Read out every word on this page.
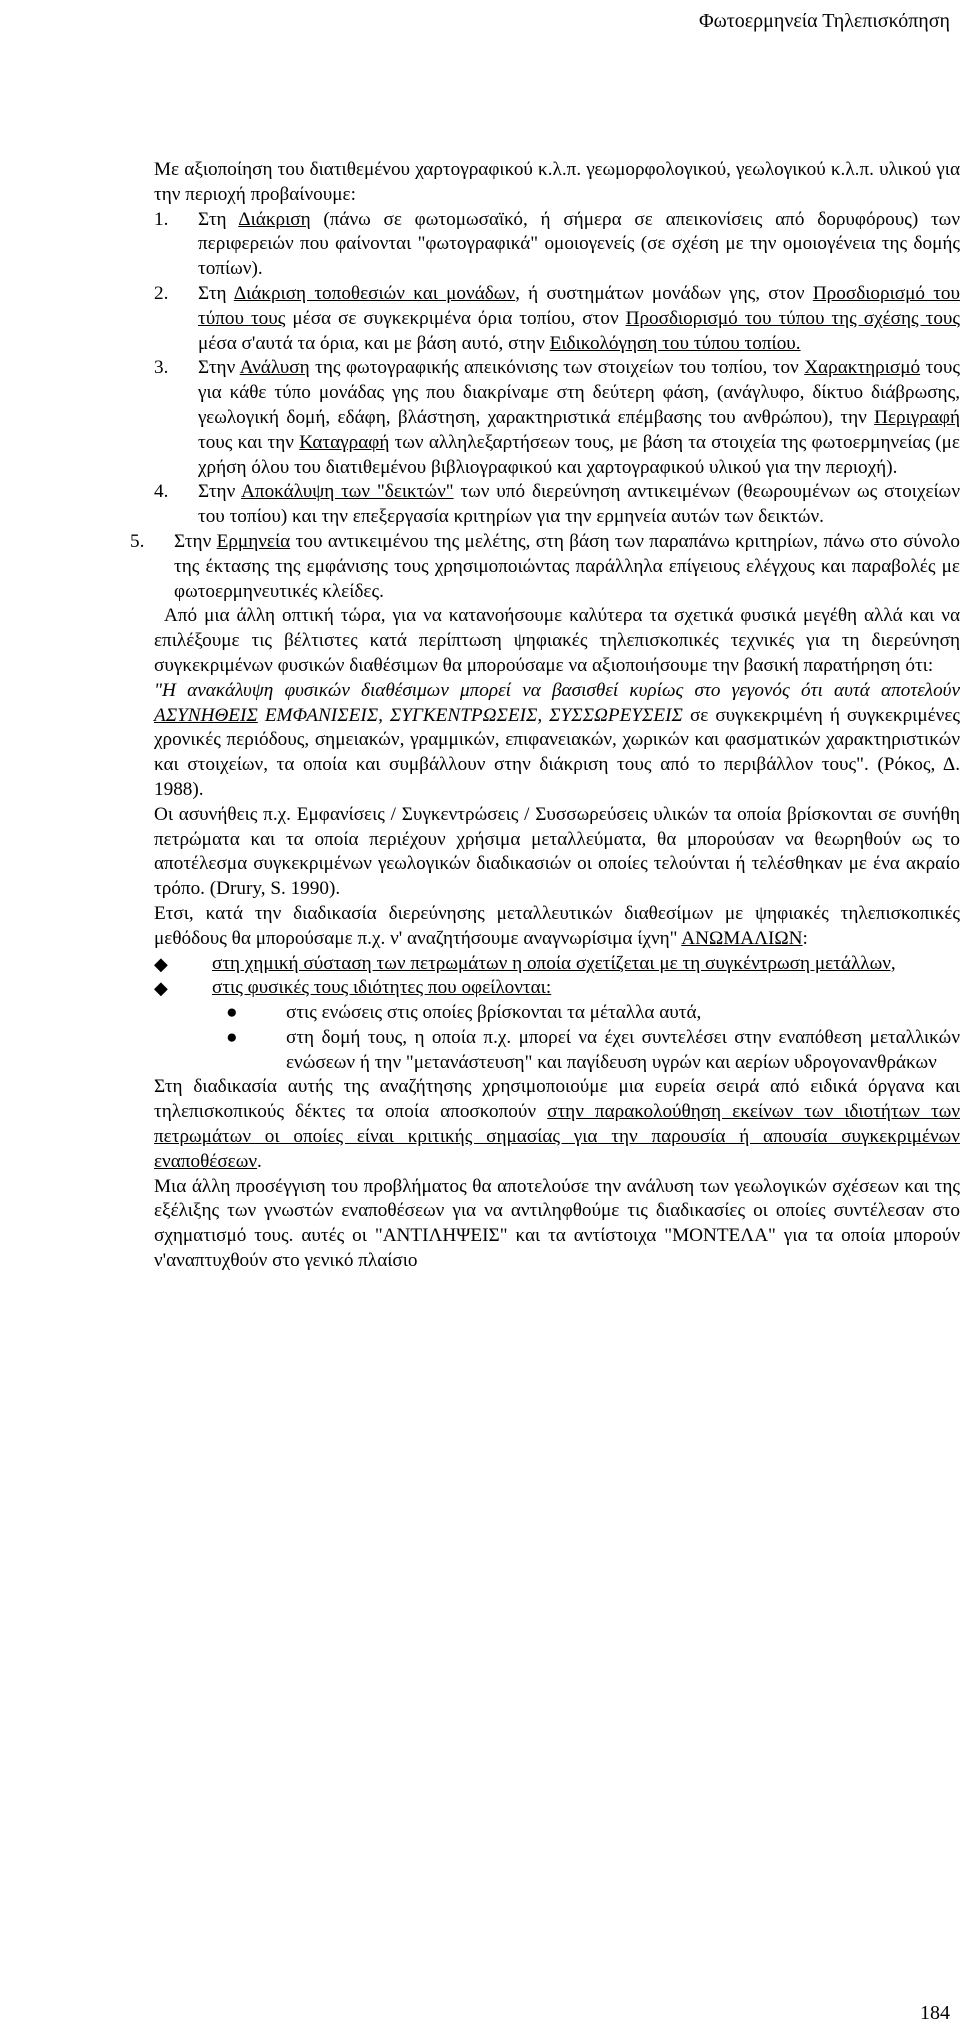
Φωτοερμηνεία Τηλεπισκόπηση

Με αξιοποίηση του διατιθεμένου χαρτογραφικού κ.λ.π. γεωμορφολογικού, γεωλογικού κ.λ.π. υλικού για την περιοχή προβαίνουμε:

1.	Στη Διάκριση (πάνω σε φωτομωσαϊκό, ή σήμερα σε απεικονίσεις από δορυφόρους) των περιφερειών που φαίνονται "φωτογραφικά" ομοιογενείς (σε σχέση με την ομοιογένεια της δομής τοπίων).
2.	Στη Διάκριση τοποθεσιών και μονάδων, ή συστημάτων μονάδων γης, στον Προσδιορισμό του τύπου τους μέσα σε συγκεκριμένα όρια τοπίου, στον Προσδιορισμό του τύπου της σχέσης τους μέσα σ'αυτά τα όρια, και με βάση αυτό, στην Ειδικολόγηση του τύπου τοπίου.
3.	Στην Ανάλυση της φωτογραφικής απεικόνισης των στοιχείων του τοπίου, τον Χαρακτηρισμό τους για κάθε τύπο μονάδας γης που διακρίναμε στη δεύτερη φάση, (ανάγλυφο, δίκτυο διάβρωσης, γεωλογική δομή, εδάφη, βλάστηση, χαρακτηριστικά επέμβασης του ανθρώπου), την Περιγραφή τους και την Καταγραφή των αλληλεξαρτήσεων τους, με βάση τα στοιχεία της φωτοερμηνείας (με χρήση όλου του διατιθεμένου βιβλιογραφικού και χαρτογραφικού υλικού για την περιοχή).
4.	Στην Αποκάλυψη των "δεικτών" των υπό διερεύνηση αντικειμένων (θεωρουμένων ως στοιχείων του τοπίου) και την επεξεργασία κριτηρίων για την ερμηνεία αυτών των δεικτών.
5.	Στην Ερμηνεία του αντικειμένου της μελέτης, στη βάση των παραπάνω κριτηρίων, πάνω στο σύνολο της έκτασης της εμφάνισης τους χρησιμοποιώντας παράλληλα επίγειους ελέγχους και παραβολές με φωτοερμηνευτικές κλείδες.

Από μια άλλη οπτική τώρα, για να κατανοήσουμε καλύτερα τα σχετικά φυσικά μεγέθη αλλά και να επιλέξουμε τις βέλτιστες κατά περίπτωση ψηφιακές τηλεπισκοπικές τεχνικές για τη διερεύνηση συγκεκριμένων φυσικών διαθέσιμων θα μπορούσαμε να αξιοποιήσουμε την βασική παρατήρηση ότι:

"Η ανακάλυψη φυσικών διαθέσιμων μπορεί να βασισθεί κυρίως στο γεγονός ότι αυτά αποτελούν ΑΣΥΝΗΘΕΙΣ ΕΜΦΑΝΙΣΕΙΣ, ΣΥΓΚΕΝΤΡΩΣΕΙΣ, ΣΥΣΣΩΡΕΥΣΕΙΣ σε συγκεκριμένη ή συγκεκριμένες χρονικές περιόδους, σημειακών, γραμμικών, επιφανειακών, χωρικών και φασματικών χαρακτηριστικών και στοιχείων, τα οποία και συμβάλλουν στην διάκριση τους από το περιβάλλον τους". (Ρόκος, Δ. 1988).

Οι ασυνήθεις π.χ. Εμφανίσεις / Συγκεντρώσεις / Συσσωρεύσεις υλικών τα οποία βρίσκονται σε συνήθη πετρώματα και τα οποία περιέχουν χρήσιμα μεταλλεύματα, θα μπορούσαν να θεωρηθούν ως το αποτέλεσμα συγκεκριμένων γεωλογικών διαδικασιών οι οποίες τελούνται ή τελέσθηκαν με ένα ακραίο τρόπο. (Drury, S. 1990).

Ετσι, κατά την διαδικασία διερεύνησης μεταλλευτικών διαθεσίμων με ψηφιακές τηλεπισκοπικές μεθόδους θα μπορούσαμε π.χ. ν' αναζητήσουμε αναγνωρίσιμα ίχνη" ΑΝΩΜΑΛΙΩΝ:

◆	στη χημική σύσταση των πετρωμάτων η οποία σχετίζεται με τη συγκέντρωση μετάλλων,
◆	στις φυσικές τους ιδιότητες που οφείλονται:
●	στις ενώσεις στις οποίες βρίσκονται τα μέταλλα αυτά,
●	στη δομή τους, η οποία π.χ. μπορεί να έχει συντελέσει στην εναπόθεση μεταλλικών ενώσεων ή την "μετανάστευση" και παγίδευση υγρών και αερίων υδρογονανθράκων

Στη διαδικασία αυτής της αναζήτησης χρησιμοποιούμε μια ευρεία σειρά από ειδικά όργανα και τηλεπισκοπικούς δέκτες τα οποία αποσκοπούν στην παρακολούθηση εκείνων των ιδιοτήτων των πετρωμάτων οι οποίες είναι κριτικής σημασίας για την παρουσία ή απουσία συγκεκριμένων εναποθέσεων.

Μια άλλη προσέγγιση του προβλήματος θα αποτελούσε την ανάλυση των γεωλογικών σχέσεων και της εξέλιξης των γνωστών εναποθέσεων για να αντιληφθούμε τις διαδικασίες οι οποίες συντέλεσαν στο σχηματισμό τους. αυτές οι "ΑΝΤΙΛΗΨΕΙΣ" και τα αντίστοιχα "ΜΟΝΤΕΛΑ" για τα οποία μπορούν ν'αναπτυχθούν στο γενικό πλαίσιο

184
